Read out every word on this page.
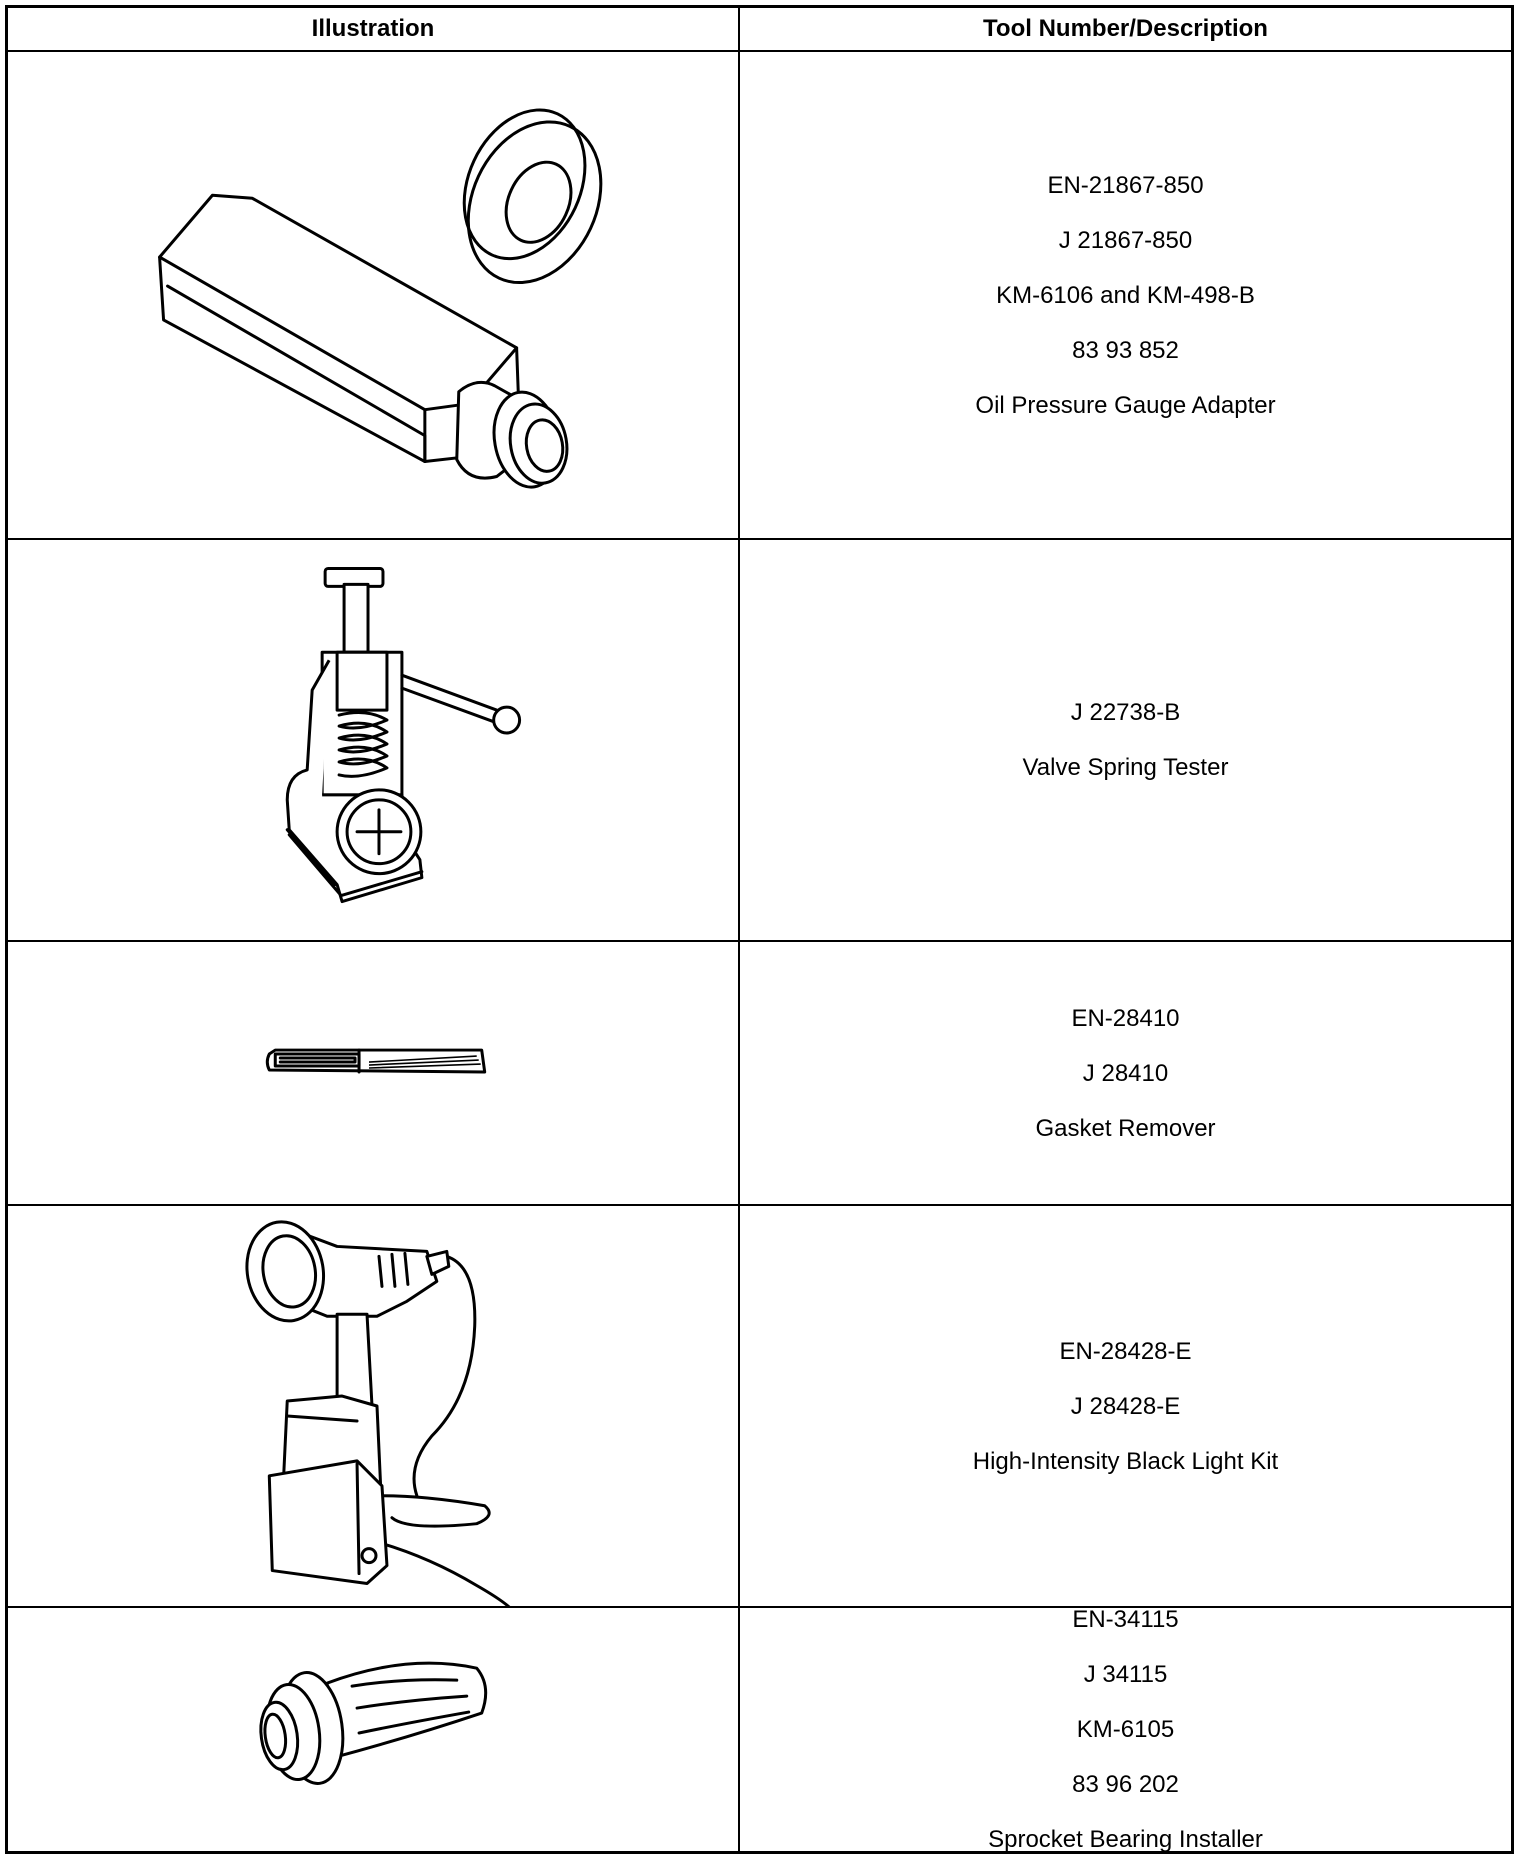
Illustration	Tool Number/Description
EN-21867-850
J 21867-850
KM-6106 and KM-498-B
83 93 852
Oil Pressure Gauge Adapter
J 22738-B
Valve Spring Tester
EN-28410
J 28410
Gasket Remover
EN-28428-E
J 28428-E
High-Intensity Black Light Kit
EN-34115
J 34115
KM-6105
83 96 202
Sprocket Bearing Installer
